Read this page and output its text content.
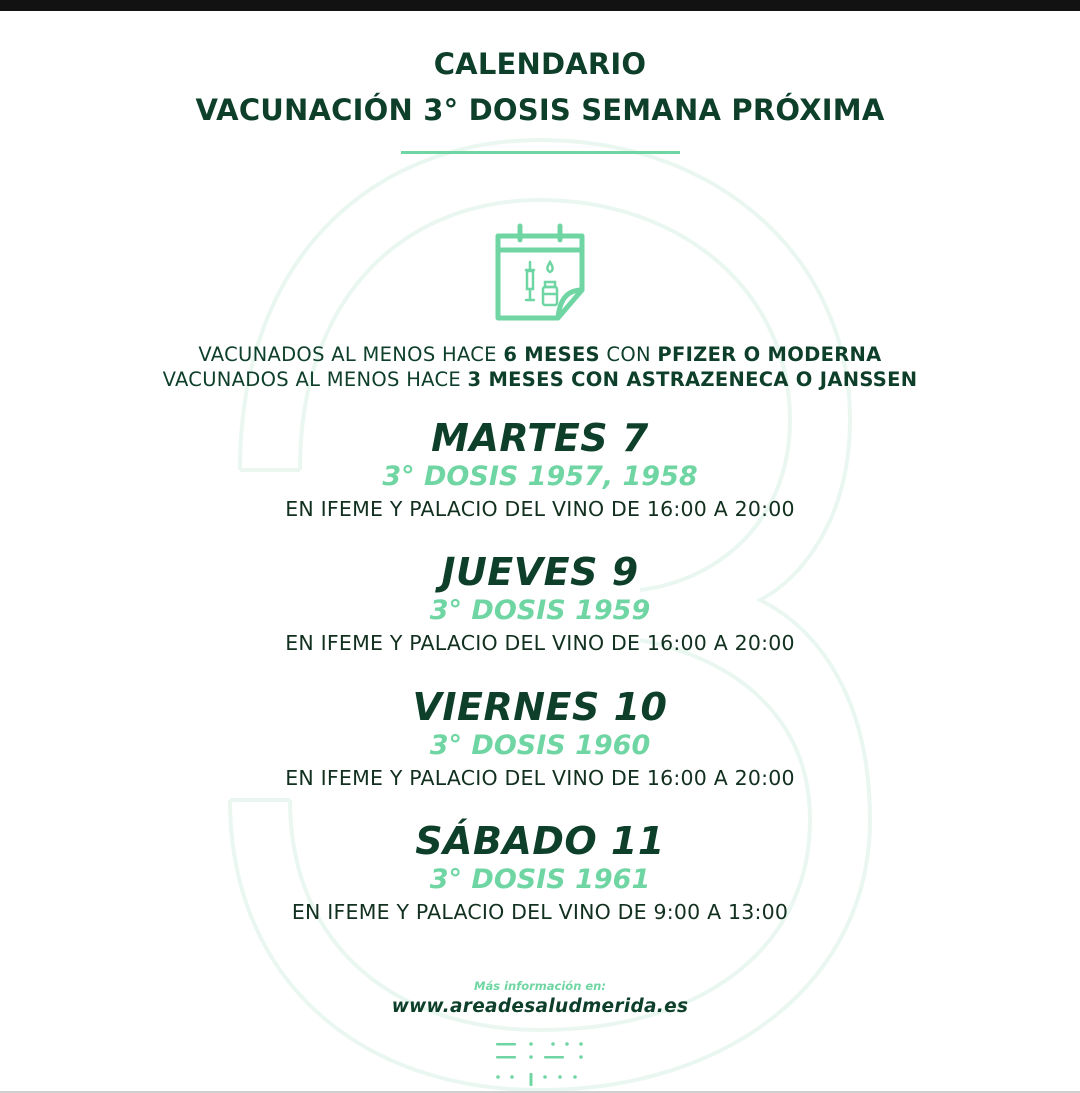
CALENDARIO
VACUNACIÓN 3° DOSIS SEMANA PRÓXIMA
VACUNADOS AL MENOS HACE 6 MESES CON PFIZER O MODERNA
VACUNADOS AL MENOS HACE 3 MESES CON ASTRAZENECA O JANSSEN
MARTES 7
3° DOSIS 1957, 1958
EN IFEME Y PALACIO DEL VINO DE 16:00 A 20:00
JUEVES 9
3° DOSIS 1959
EN IFEME Y PALACIO DEL VINO DE 16:00 A 20:00
VIERNES 10
3° DOSIS 1960
EN IFEME Y PALACIO DEL VINO DE 16:00 A 20:00
SÁBADO 11
3° DOSIS 1961
EN IFEME Y PALACIO DEL VINO DE 9:00 A 13:00
Más información en:
www.areadesaludmerida.es
